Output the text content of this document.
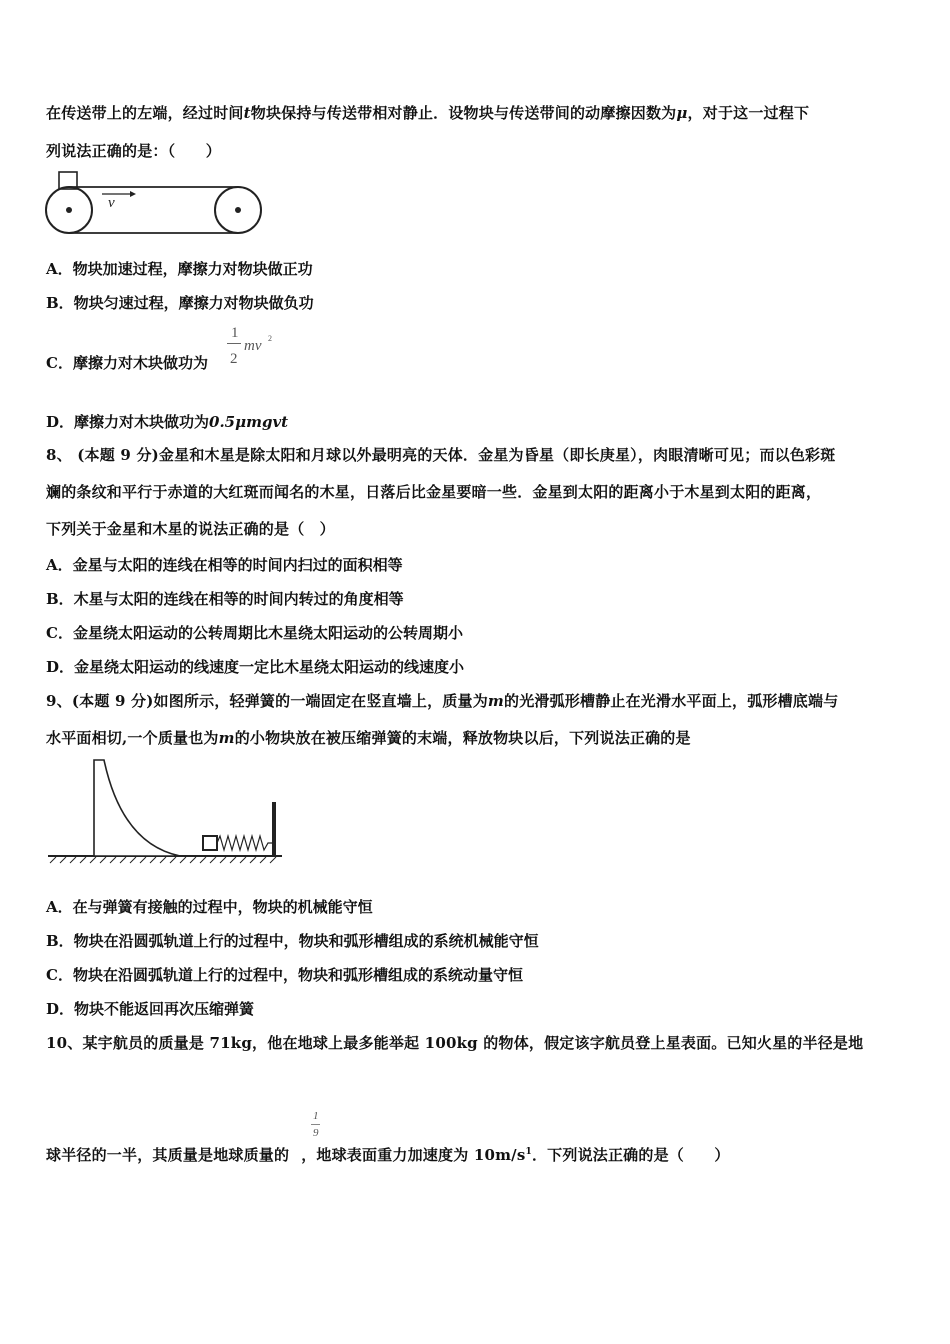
在传送带上的左端，经过时间t物块保持与传送带相对静止．设物块与传送带间的动摩擦因数为μ，对于这一过程下
列说法正确的是：（　　）
v
A．物块加速过程，摩擦力对物块做正功
B．物块匀速过程，摩擦力对物块做负功
C．摩擦力对木块做功为
1
2
mv 2
D．摩擦力对木块做功为0.5μmgvt
8、 (本题 9 分)金星和木星是除太阳和月球以外最明亮的天体．金星为昏星（即长庚星），肉眼清晰可见；而以色彩斑
斓的条纹和平行于赤道的大红斑而闻名的木星，日落后比金星要暗一些．金星到太阳的距离小于木星到太阳的距离，
下列关于金星和木星的说法正确的是（　）
A．金星与太阳的连线在相等的时间内扫过的面积相等
B．木星与太阳的连线在相等的时间内转过的角度相等
C．金星绕太阳运动的公转周期比木星绕太阳运动的公转周期小
D．金星绕太阳运动的线速度一定比木星绕太阳运动的线速度小
9、(本题 9 分)如图所示，轻弹簧的一端固定在竖直墙上，质量为m的光滑弧形槽静止在光滑水平面上，弧形槽底端与
水平面相切,一个质量也为m的小物块放在被压缩弹簧的末端，释放物块以后，下列说法正确的是
A．在与弹簧有接触的过程中，物块的机械能守恒
B．物块在沿圆弧轨道上行的过程中，物块和弧形槽组成的系统机械能守恒
C．物块在沿圆弧轨道上行的过程中，物块和弧形槽组成的系统动量守恒
D．物块不能返回再次压缩弹簧
10、某宇航员的质量是 71kg，他在地球上最多能举起 100kg 的物体，假定该字航员登上星表面。已知火星的半径是地
1
9
球半径的一半，其质量是地球质量的 ，地球表面重力加速度为 $10m/s^1$．下列说法正确的是（　　）
